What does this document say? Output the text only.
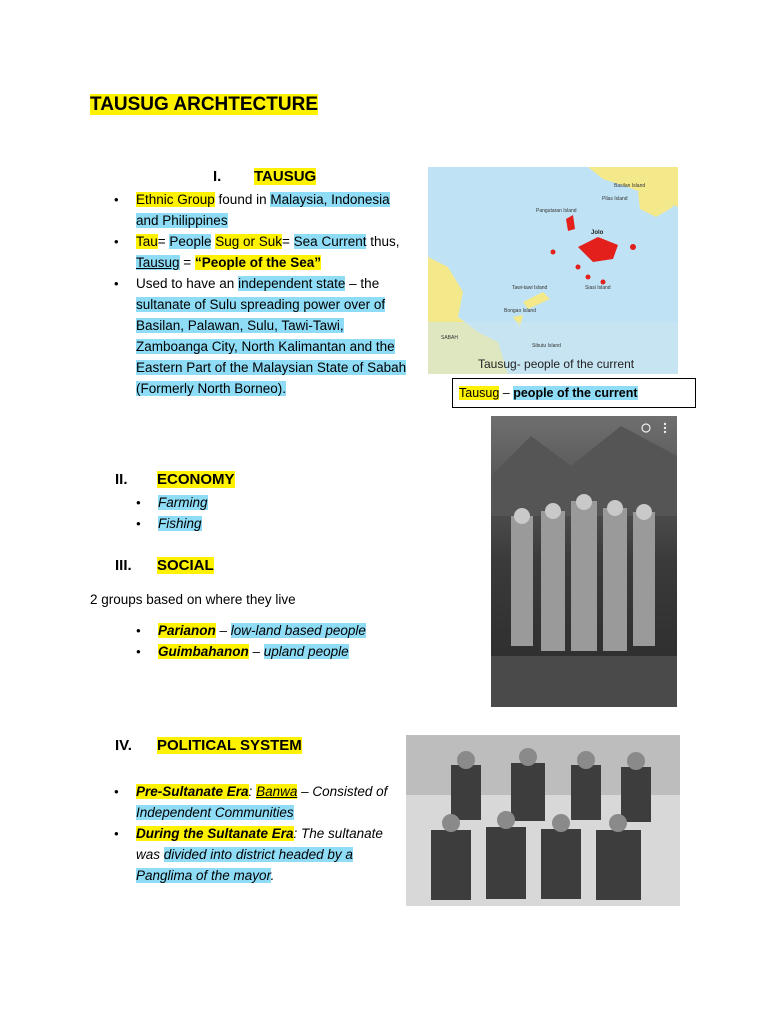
TAUSUG ARCHTECTURE
I. TAUSUG
• Ethnic Group found in Malaysia, Indonesia and Philippines
• Tau= People Sug or Suk= Sea Current thus, Tausug = “People of the Sea”
• Used to have an independent state – the sultanate of Sulu spreading power over of Basilan, Palawan, Sulu, Tawi-Tawi, Zamboanga City, North Kalimantan and the Eastern Part of the Malaysian State of Sabah (Formerly North Borneo).
Basilan Island
Pilas Island
Pangutaran Island
Jolo
Siasi Island
Tawi-tawi Island
SABAH
Bongao Island
Sibutu Island
Tausug- people of the current
Tausug – people of the current
II. ECONOMY
• Farming
• Fishing
III. SOCIAL
2 groups based on where they live
• Parianon – low-land based people
• Guimbahanon – upland people
IV. POLITICAL SYSTEM
• Pre-Sultanate Era: Banwa – Consisted of Independent Communities
• During the Sultanate Era: The sultanate was divided into district headed by a Panglima of the mayor.
